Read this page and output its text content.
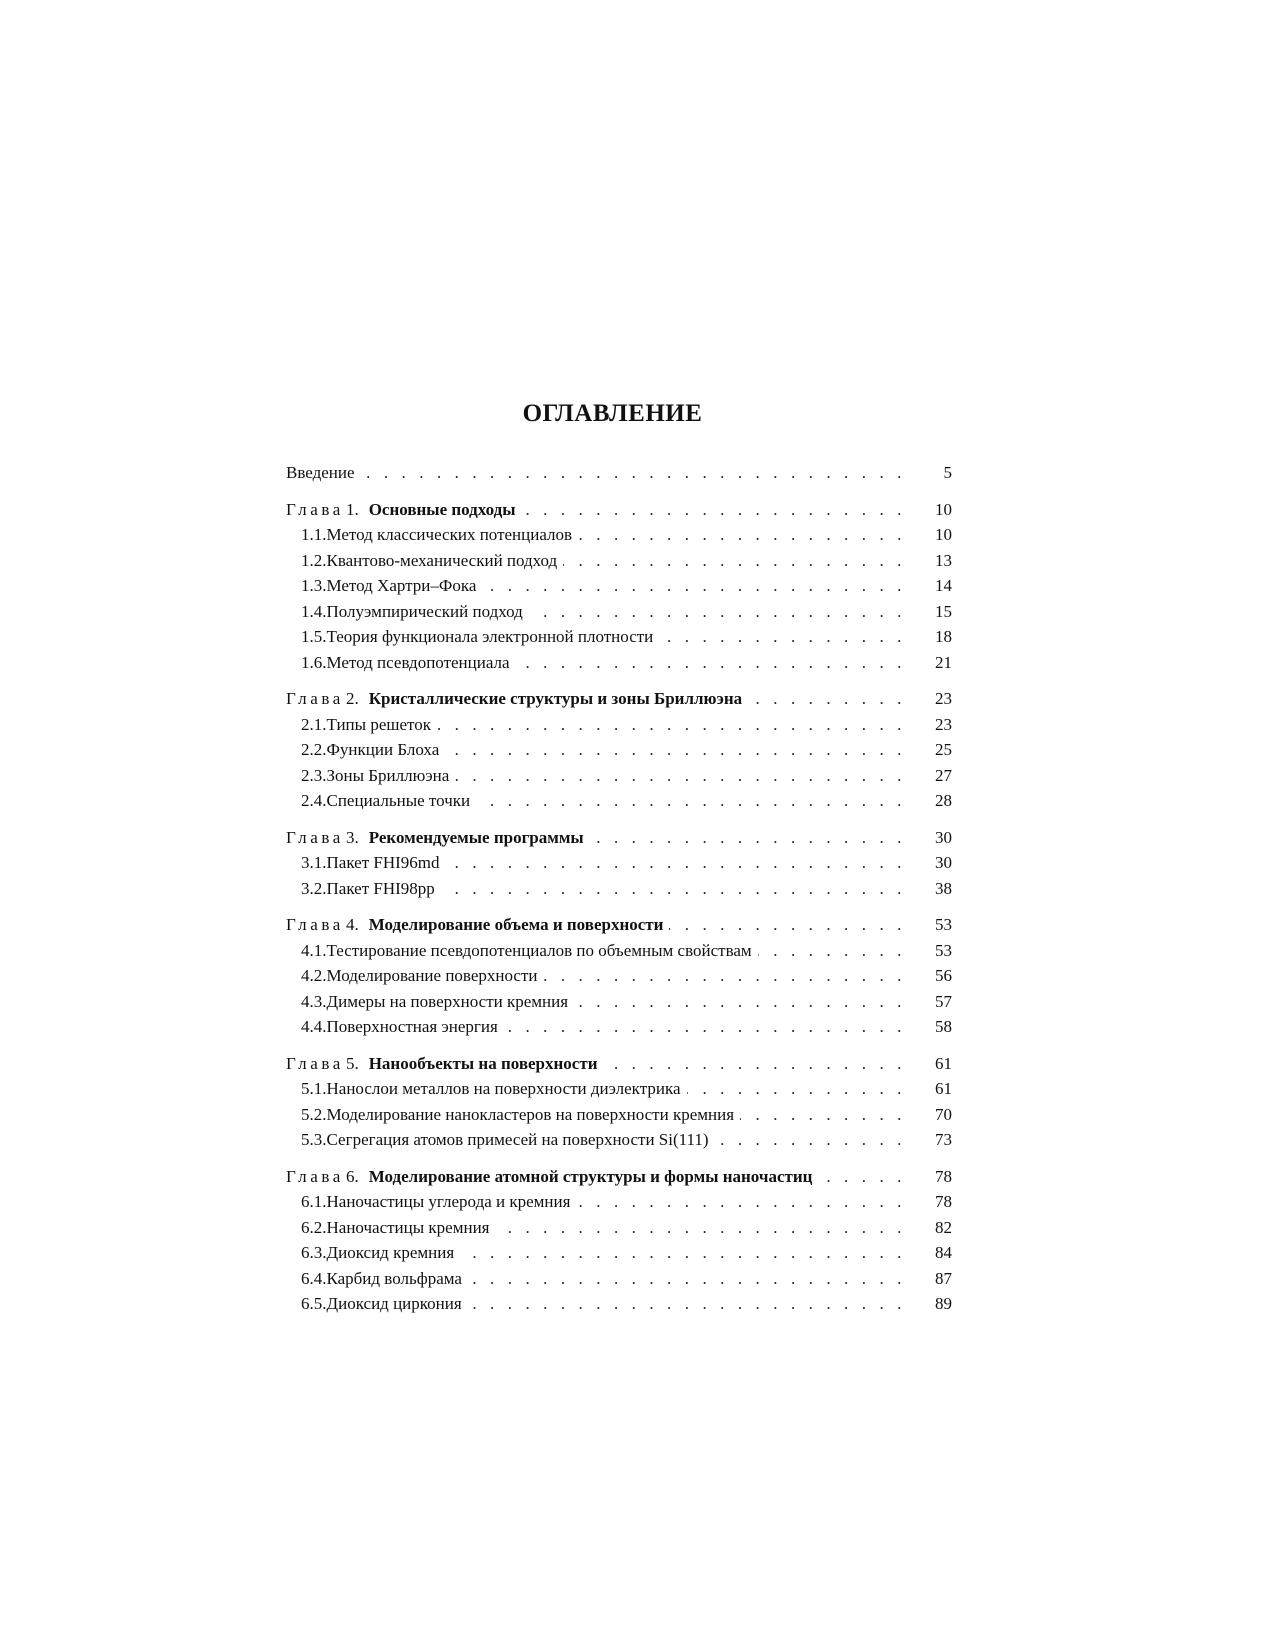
ОГЛАВЛЕНИЕ
Введение . . .	5
Глава 1. Основные подходы . . .	10
1.1.Метод классических потенциалов . . .	10
1.2.Квантово-механический подход . . .	13
1.3.Метод Хартри–Фока . . .	14
1.4.Полуэмпирический подход . . .	15
1.5.Теория функционала электронной плотности . . .	18
1.6.Метод псевдопотенциала . . .	21
Глава 2. Кристаллические структуры и зоны Бриллюэна . . .	23
2.1.Типы решеток . . .	23
2.2.Функции Блоха . . .	25
2.3.Зоны Бриллюэна . . .	27
2.4.Специальные точки . . .	28
Глава 3. Рекомендуемые программы . . .	30
3.1.Пакет FHI96md . . .	30
3.2.Пакет FHI98pp . . .	38
Глава 4. Моделирование объема и поверхности . . .	53
4.1.Тестирование псевдопотенциалов по объемным свойствам . . .	53
4.2.Моделирование поверхности . . .	56
4.3.Димеры на поверхности кремния . . .	57
4.4.Поверхностная энергия . . .	58
Глава 5. Нанообъекты на поверхности . . .	61
5.1.Нанослои металлов на поверхности диэлектрика . . .	61
5.2.Моделирование нанокластеров на поверхности кремния . . .	70
5.3.Сегрегация атомов примесей на поверхности Si(111) . . .	73
Глава 6. Моделирование атомной структуры и формы наночастиц . . .	78
6.1.Наночастицы углерода и кремния . . .	78
6.2.Наночастицы кремния . . .	82
6.3.Диоксид кремния . . .	84
6.4.Карбид вольфрама . . .	87
6.5.Диоксид циркония . . .	89
